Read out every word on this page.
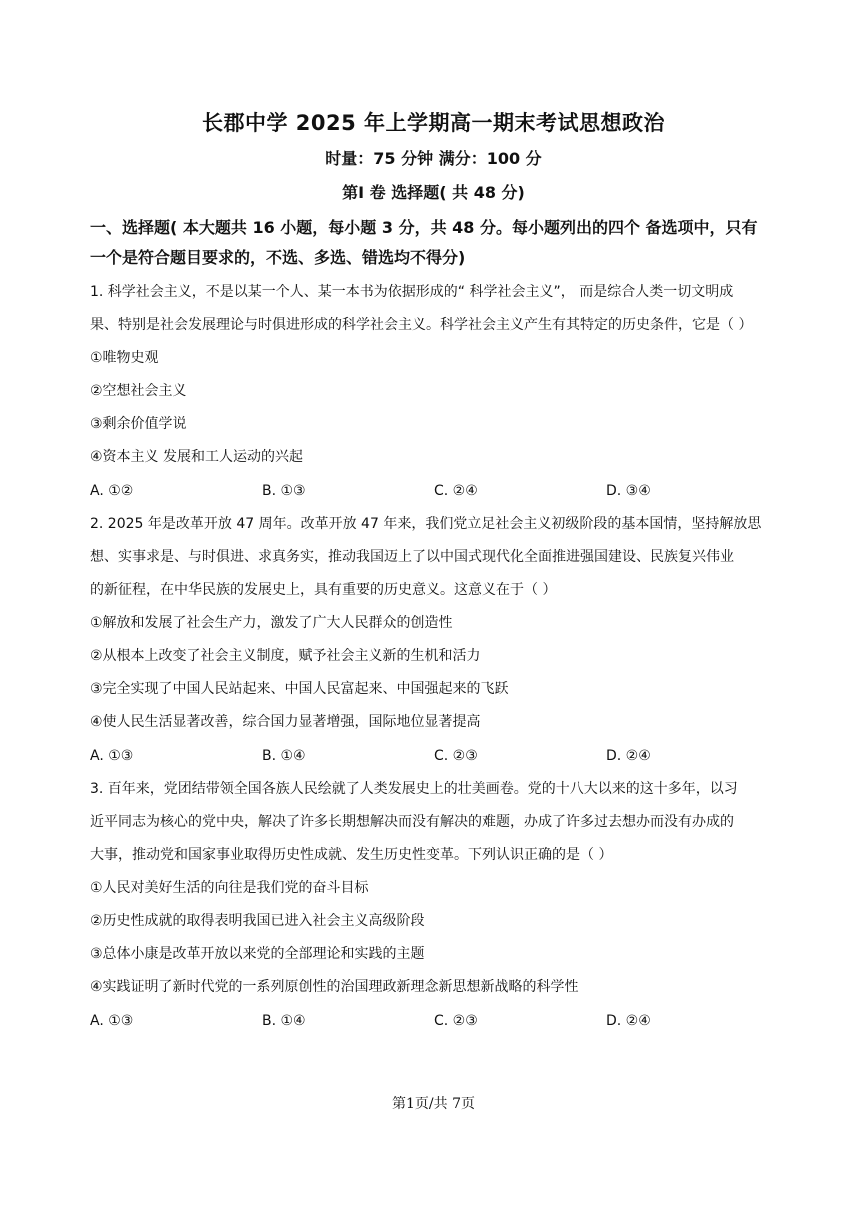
长郡中学 2025 年上学期高一期末考试思想政治
时量：75 分钟 满分：100 分
第Ⅰ 卷 选择题( 共 48 分)
一、选择题( 本大题共 16 小题，每小题 3 分，共 48 分。每小题列出的四个 备选项中，只有
一个是符合题目要求的，不选、多选、错选均不得分)
1. 科学社会主义，不是以某一个人、某一本书为依据形成的“ 科学社会主义”， 而是综合人类一切文明成
果、特别是社会发展理论与时俱进形成的科学社会主义。科学社会主义产生有其特定的历史条件，它是（ ）
①唯物史观
②空想社会主义
③剩余价值学说
④资本主义 发展和工人运动的兴起
A. ①②	B. ①③	C. ②④	D. ③④
2. 2025 年是改革开放 47 周年。改革开放 47 年来，我们党立足社会主义初级阶段的基本国情，坚持解放思
想、实事求是、与时俱进、求真务实，推动我国迈上了以中国式现代化全面推进强国建设、民族复兴伟业
的新征程，在中华民族的发展史上，具有重要的历史意义。这意义在于（ ）
①解放和发展了社会生产力，激发了广大人民群众的创造性
②从根本上改变了社会主义制度，赋予社会主义新的生机和活力
③完全实现了中国人民站起来、中国人民富起来、中国强起来的飞跃
④使人民生活显著改善，综合国力显著增强，国际地位显著提高
A. ①③	B. ①④	C. ②③	D. ②④
3. 百年来，党团结带领全国各族人民绘就了人类发展史上的壮美画卷。党的十八大以来的这十多年，以习
近平同志为核心的党中央，解决了许多长期想解决而没有解决的难题，办成了许多过去想办而没有办成的
大事，推动党和国家事业取得历史性成就、发生历史性变革。下列认识正确的是（ ）
①人民对美好生活的向往是我们党的奋斗目标
②历史性成就的取得表明我国已进入社会主义高级阶段
③总体小康是改革开放以来党的全部理论和实践的主题
④实践证明了新时代党的一系列原创性的治国理政新理念新思想新战略的科学性
A. ①③	B. ①④	C. ②③	D. ②④
第1页/共 7页
